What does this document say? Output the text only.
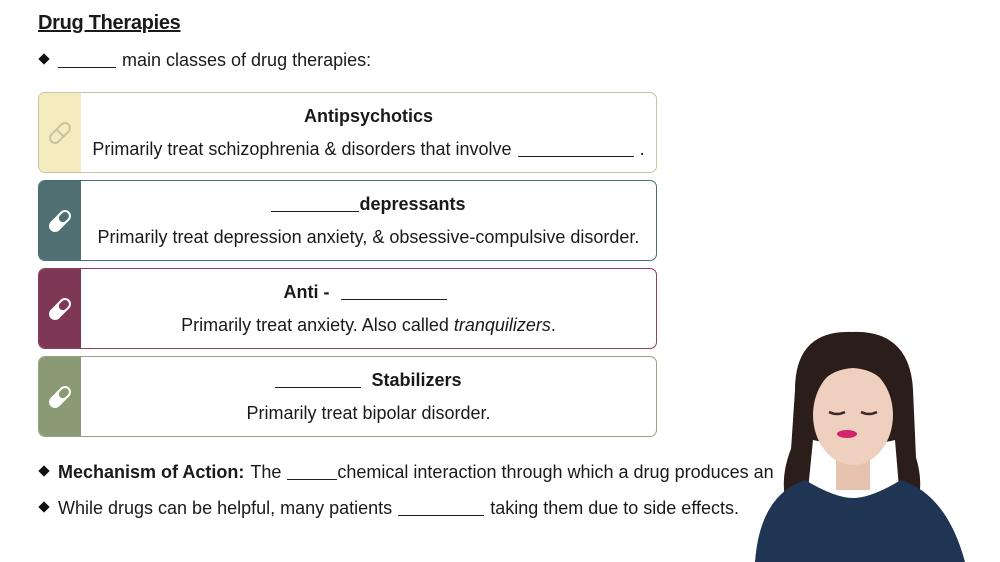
Drug Therapies
main classes of drug therapies:
Antipsychotics
Primarily treat schizophrenia & disorders that involve	.
depressants
Primarily treat depression anxiety, & obsessive-compulsive disorder.
Anti -
Primarily treat anxiety. Also called tranquilizers .
Stabilizers
Primarily treat bipolar disorder.
Mechanism of Action: The	chemical interaction through which a drug produces an
While drugs can be helpful, many patients	taking them due to side effects.
